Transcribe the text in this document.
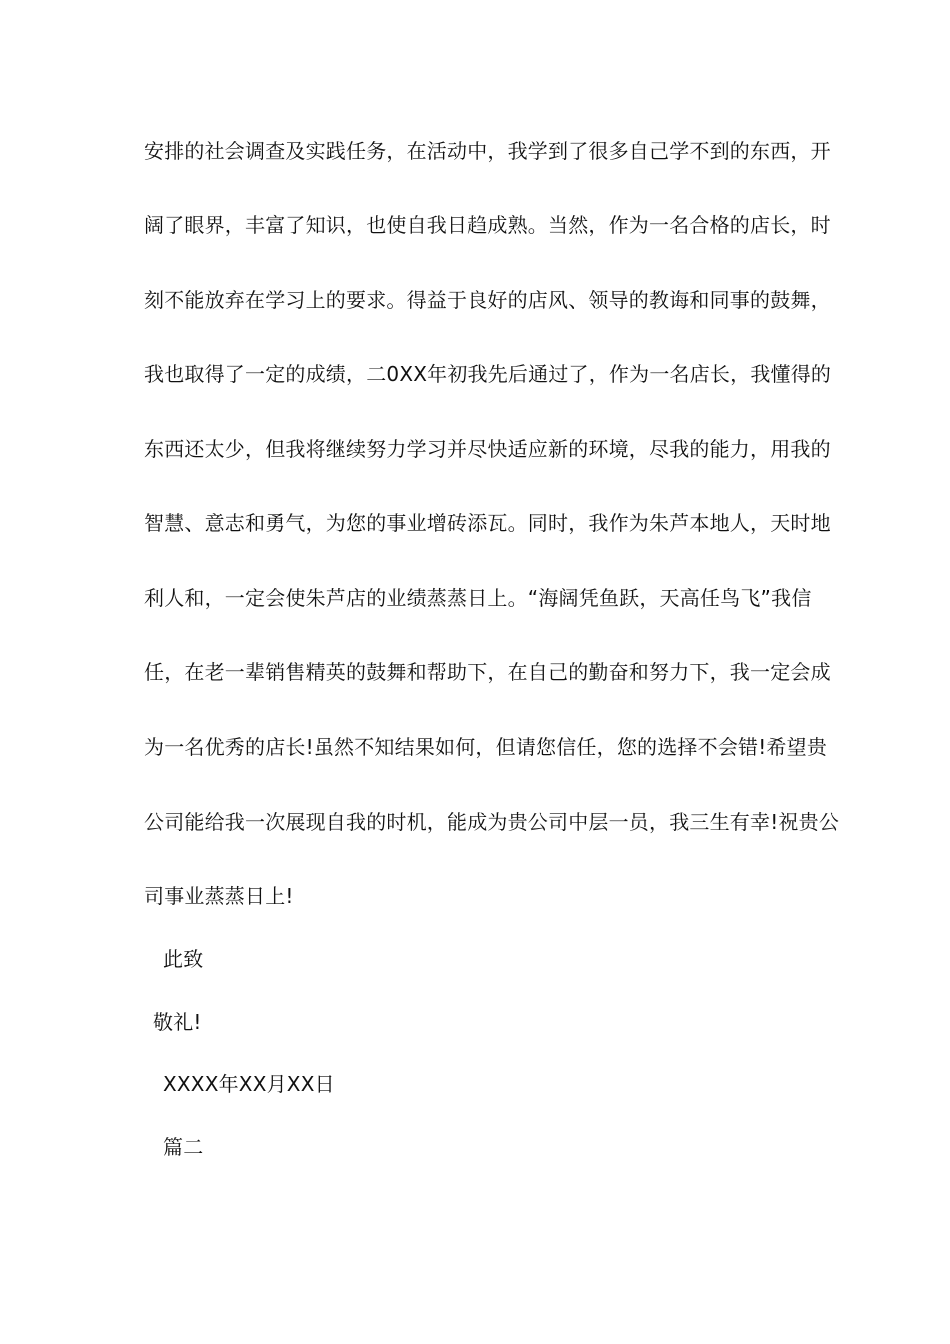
安排的社会调查及实践任务，在活动中，我学到了很多自己学不到的东西，开
阔了眼界，丰富了知识，也使自我日趋成熟。当然，作为一名合格的店长，时
刻不能放弃在学习上的要求。得益于良好的店风、领导的教诲和同事的鼓舞，
我也取得了一定的成绩，二0XX年初我先后通过了，作为一名店长，我懂得的
东西还太少，但我将继续努力学习并尽快适应新的环境，尽我的能力，用我的
智慧、意志和勇气，为您的事业增砖添瓦。同时，我作为朱芦本地人，天时地
利人和，一定会使朱芦店的业绩蒸蒸日上。“海阔凭鱼跃，天高任鸟飞”我信
任，在老一辈销售精英的鼓舞和帮助下，在自己的勤奋和努力下，我一定会成
为一名优秀的店长!虽然不知结果如何，但请您信任，您的选择不会错!希望贵
公司能给我一次展现自我的时机，能成为贵公司中层一员，我三生有幸!祝贵公
司事业蒸蒸日上!
此致
敬礼!
XXXX年XX月XX日
篇二
